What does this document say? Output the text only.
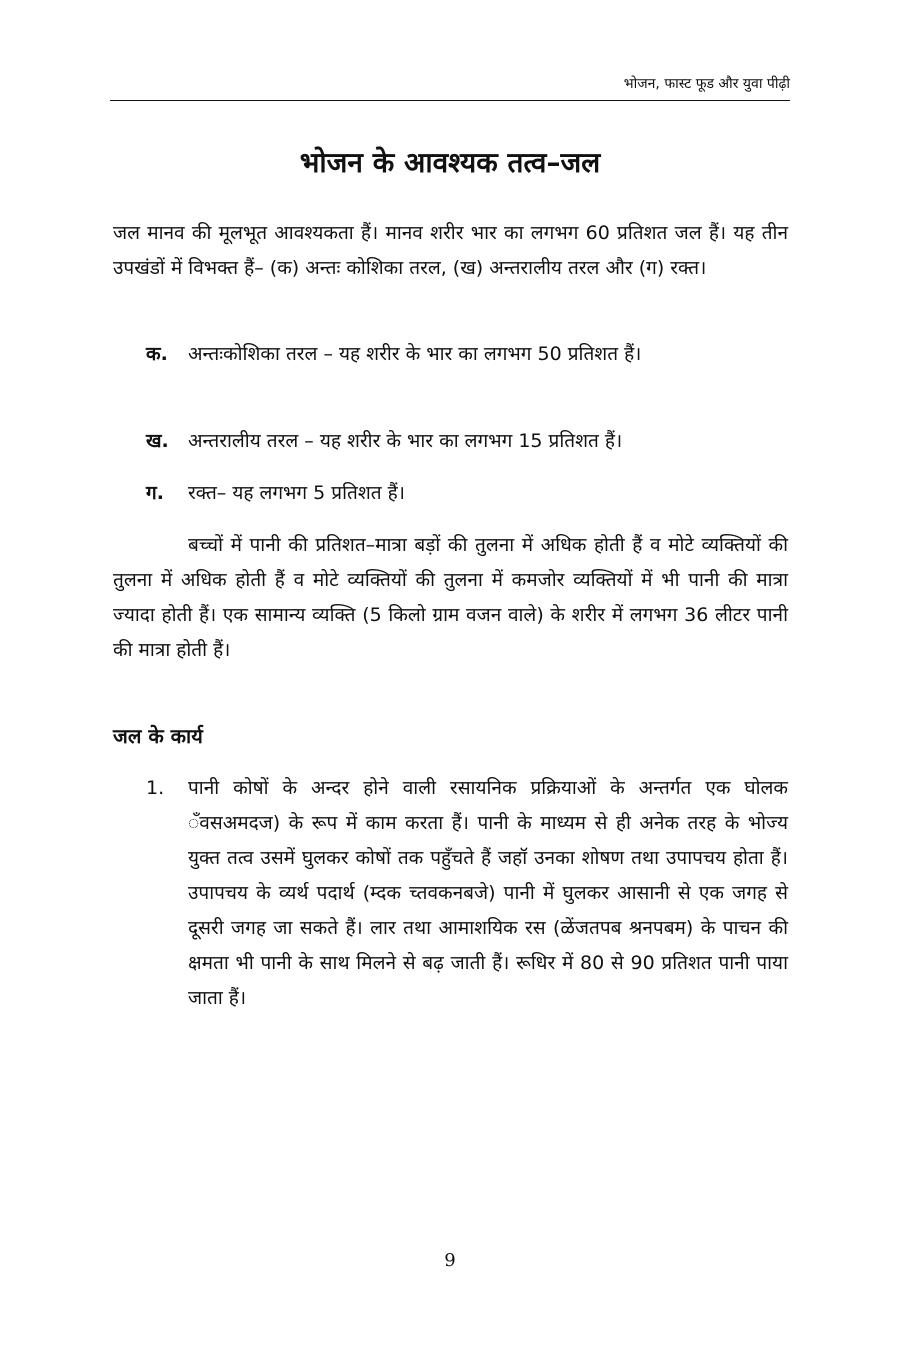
भोजन, फास्ट फूड और युवा पीढ़ी
भोजन के आवश्यक तत्व–जल

जल मानव की मूलभूत आवश्यकता हैं। मानव शरीर भार का लगभग 60 प्रतिशत जल हैं। यह तीन उपखंडों में विभक्त हैं– (क) अन्तः कोशिका तरल, (ख) अन्तरालीय तरल और (ग) रक्त।

क.	अन्तःकोशिका तरल – यह शरीर के भार का लगभग 50 प्रतिशत हैं।
ख.	अन्तरालीय तरल – यह शरीर के भार का लगभग 15 प्रतिशत हैं।
ग.	रक्त– यह लगभग 5 प्रतिशत हैं।

बच्चों में पानी की प्रतिशत–मात्रा बड़ों की तुलना में अधिक होती हैं व मोटे व्यक्तियों की तुलना में अधिक होती हैं व मोटे व्यक्तियों की तुलना में कमजोर व्यक्तियों में भी पानी की मात्रा ज्यादा होती हैं। एक सामान्य व्यक्ति (5 किलो ग्राम वजन वाले) के शरीर में लगभग 36 लीटर पानी की मात्रा होती हैं।

जल के कार्य
1.	पानी कोषों के अन्दर होने वाली रसायनिक प्रक्रियाओं के अन्तर्गत एक घोलक ‍ँवसअमदज) के रूप में काम करता हैं। पानी के माध्यम से ही अनेक तरह के भोज्य युक्त तत्व उसमें घुलकर कोषों तक पहुँचते हैं जहॉ उनका शोषण तथा उपापचय होता हैं। उपापचय के व्यर्थ पदार्थ (म्दक च्तवकनबजे) पानी में घुलकर आसानी से एक जगह से दूसरी जगह जा सकते हैं। लार तथा आमाशयिक रस (ळेंजतपब श्रनपबम) के पाचन की क्षमता भी पानी के साथ मिलने से बढ़ जाती हैं। रूधिर में 80 से 90 प्रतिशत पानी पाया जाता हैं।
9
